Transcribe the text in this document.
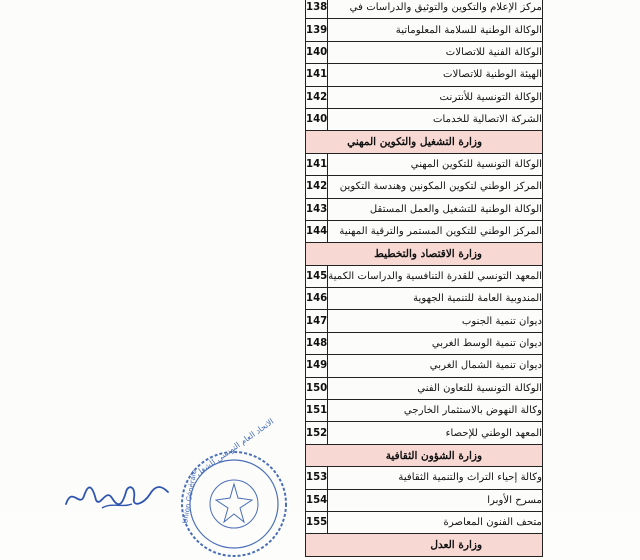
مركز الإعلام والتكوين والتوثيق والدراسات في	138
الوكالة الوطنية للسلامة المعلوماتية	139
الوكالة الفنية للاتصالات	140
الهيئة الوطنية للاتصالات	141
الوكالة التونسية للأنترنت	142
الشركة الاتصالية للخدمات	140
وزارة التشغيل والتكوين المهني	
الوكالة التونسية للتكوين المهني	141
المركز الوطني لتكوين المكونين وهندسة التكوين	142
الوكالة الوطنية للتشغيل والعمل المستقل	143
المركز الوطني للتكوين المستمر والترقية المهنية	144
وزارة الاقتصاد والتخطيط	
المعهد التونسي للقدرة التنافسية والدراسات الكمية	145
المندوبية العامة للتنمية الجهوية	146
ديوان تنمية الجنوب	147
ديوان تنمية الوسط الغربي	148
ديوان تنمية الشمال الغربي	149
الوكالة التونسية للتعاون الفني	150
وكالة النهوض بالاستثمار الخارجي	151
المعهد الوطني للإحصاء	152
وزارة الشؤون الثقافية	
وكالة إحياء التراث والتنمية الثقافية	153
مسرح الأوبرا	154
متحف الفنون المعاصرة	155
وزارة العدل	
الاتحاد العام التونسي للشغل
Union Générale
